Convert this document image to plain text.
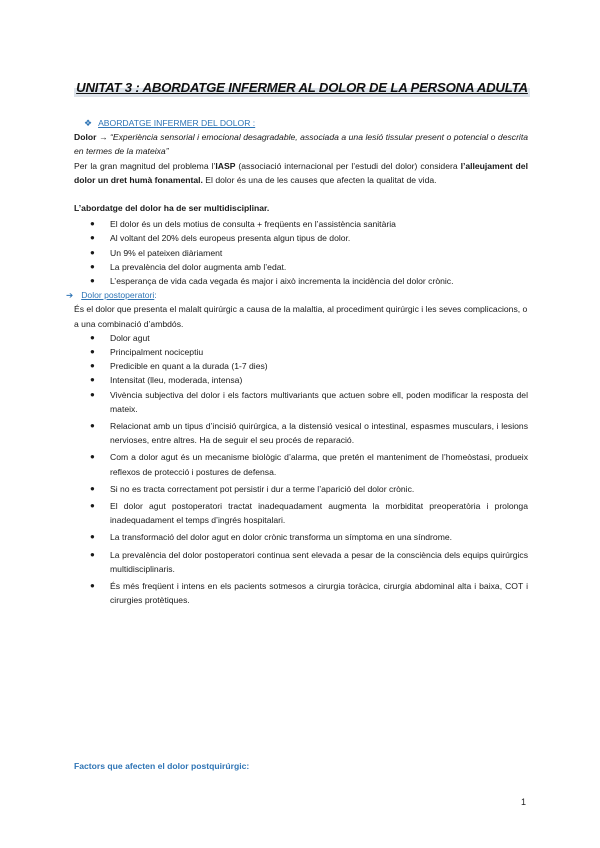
UNITAT 3 : ABORDATGE INFERMER AL DOLOR DE LA PERSONA ADULTA
❖ ABORDATGE INFERMER DEL DOLOR :
Dolor → “Experiència sensorial i emocional desagradable, associada a una lesió tissular present o potencial o descrita en termes de la mateixa”
Per la gran magnitud del problema l’IASP (associació internacional per l’estudi del dolor) considera l’alleujament del dolor un dret humà fonamental. El dolor és una de les causes que afecten la qualitat de vida.
L’abordatge del dolor ha de ser multidisciplinar.
● El dolor és un dels motius de consulta + freqüents en l’assistència sanitària
● Al voltant del 20% dels europeus presenta algun tipus de dolor.
● Un 9% el pateixen diàriament
● La prevalència del dolor augmenta amb l’edat.
● L’esperança de vida cada vegada és major i això incrementa la incidència del dolor crònic.
➔ Dolor postoperatori:
És el dolor que presenta el malalt quirúrgic a causa de la malaltia, al procediment quirúrgic i les seves complicacions, o a una combinació d’ambdós.
● Dolor agut
● Principalment nociceptiu
● Predicible en quant a la durada (1-7 dies)
● Intensitat (lleu, moderada, intensa)
● Vivència subjectiva del dolor i els factors multivariants que actuen sobre ell, poden modificar la resposta del mateix.
● Relacionat amb un tipus d’incisió quirúrgica, a la distensió vesical o intestinal, espasmes musculars, i lesions nervioses, entre altres. Ha de seguir el seu procés de reparació.
● Com a dolor agut és un mecanisme biològic d’alarma, que pretén el manteniment de l’homeòstasi, produeix reflexos de protecció i postures de defensa.
● Si no es tracta correctament pot persistir i dur a terme l’aparició del dolor crònic.
● El dolor agut postoperatori tractat inadequadament augmenta la morbiditat preoperatòria i prolonga inadequadament el temps d’ingrés hospitalari.
● La transformació del dolor agut en dolor crònic transforma un símptoma en una síndrome.
● La prevalència del dolor postoperatori continua sent elevada a pesar de la consciència dels equips quirúrgics multidisciplinaris.
● És més freqüent i intens en els pacients sotmesos a cirurgia toràcica, cirurgia abdominal alta i baixa, COT i cirurgies protètiques.
Factors que afecten el dolor postquirúrgic:
1
